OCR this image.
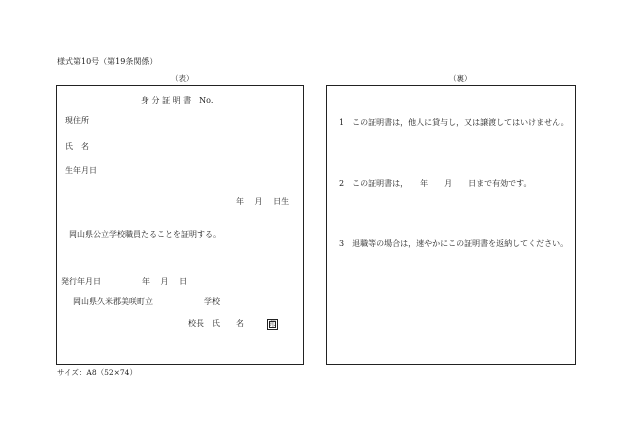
様式第10号（第19条関係）
（表）
身 分 証 明 書　No.
現住所
氏　名
生年月日
年　 月　 日生
岡山県公立学校職員たることを証明する。
発行年月日	年　 月　 日
岡山県久米郡美咲町立	学校
校長　氏　　名	印
（裏）
1　この証明書は，他人に貸与し，又は譲渡してはいけません。
2　この証明書は，　　年　　月　　日まで有効です。
3　退職等の場合は，速やかにこの証明書を返納してください。
サイズ：A8（52×74）
